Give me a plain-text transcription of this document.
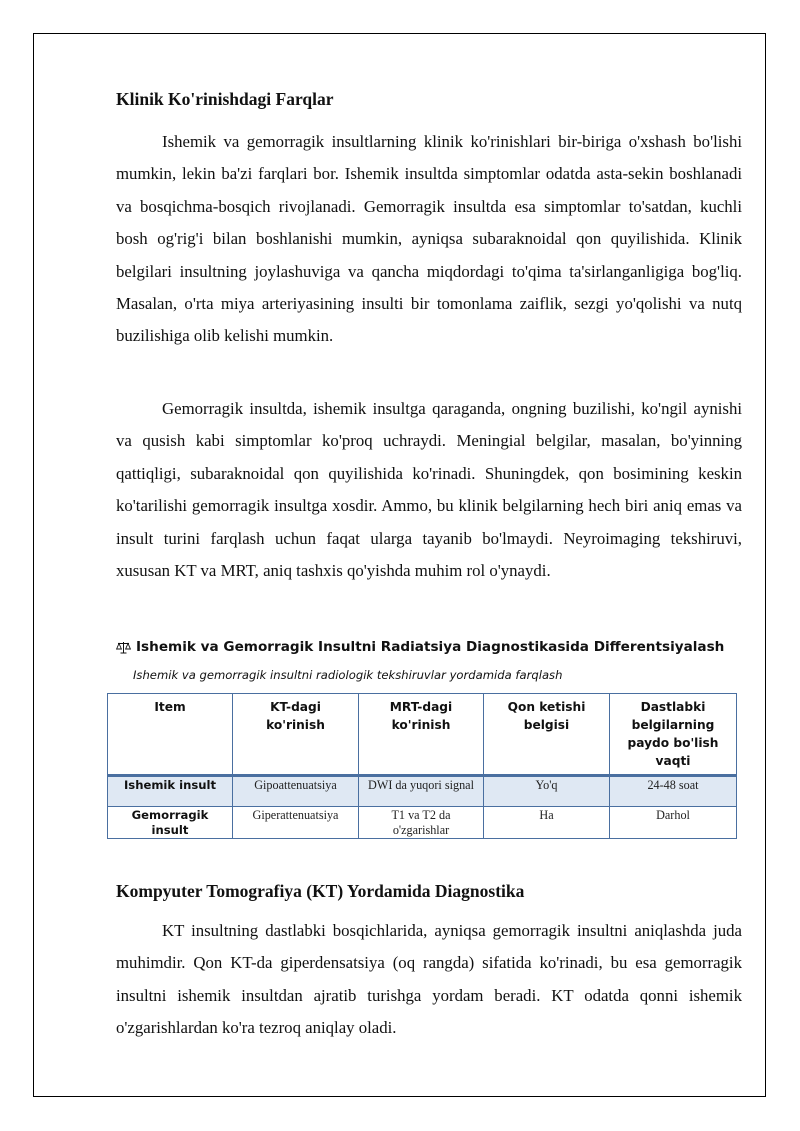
Klinik Ko'rinishdagi Farqlar

Ishemik va gemorragik insultlarning klinik ko'rinishlari bir-biriga o'xshash bo'lishi mumkin, lekin ba'zi farqlari bor. Ishemik insultda simptomlar odatda asta-sekin boshlanadi va bosqichma-bosqich rivojlanadi. Gemorragik insultda esa simptomlar to'satdan, kuchli bosh og'rig'i bilan boshlanishi mumkin, ayniqsa subaraknoidal qon quyilishida. Klinik belgilari insultning joylashuviga va qancha miqdordagi to'qima ta'sirlanganligiga bog'liq. Masalan, o'rta miya arteriyasining insulti bir tomonlama zaiflik, sezgi yo'qolishi va nutq buzilishiga olib kelishi mumkin.

Gemorragik insultda, ishemik insultga qaraganda, ongning buzilishi, ko'ngil aynishi va qusish kabi simptomlar ko'proq uchraydi. Meningial belgilar, masalan, bo'yinning qattiqligi, subaraknoidal qon quyilishida ko'rinadi. Shuningdek, qon bosimining keskin ko'tarilishi gemorragik insultga xosdir. Ammo, bu klinik belgilarning hech biri aniq emas va insult turini farqlash uchun faqat ularga tayanib bo'lmaydi. Neyroimaging tekshiruvi, xususan KT va MRT, aniq tashxis qo'yishda muhim rol o'ynaydi.

Ishemik va Gemorragik Insultni Radiatsiya Diagnostikasida Differentsiyalash
Ishemik va gemorragik insultni radiologik tekshiruvlar yordamida farqlash
Item	KT-dagi ko'rinish	MRT-dagi ko'rinish	Qon ketishi belgisi	Dastlabki belgilarning paydo bo'lish vaqti
Ishemik insult	Gipoattenuatsiya	DWI da yuqori signal	Yo'q	24-48 soat
Gemorragik insult	Giperattenuatsiya	T1 va T2 da o'zgarishlar	Ha	Darhol
Kompyuter Tomografiya (KT) Yordamida Diagnostika

KT insultning dastlabki bosqichlarida, ayniqsa gemorragik insultni aniqlashda juda muhimdir. Qon KT-da giperdensatsiya (oq rangda) sifatida ko'rinadi, bu esa gemorragik insultni ishemik insultdan ajratib turishga yordam beradi. KT odatda qonni ishemik o'zgarishlardan ko'ra tezroq aniqlay oladi.
